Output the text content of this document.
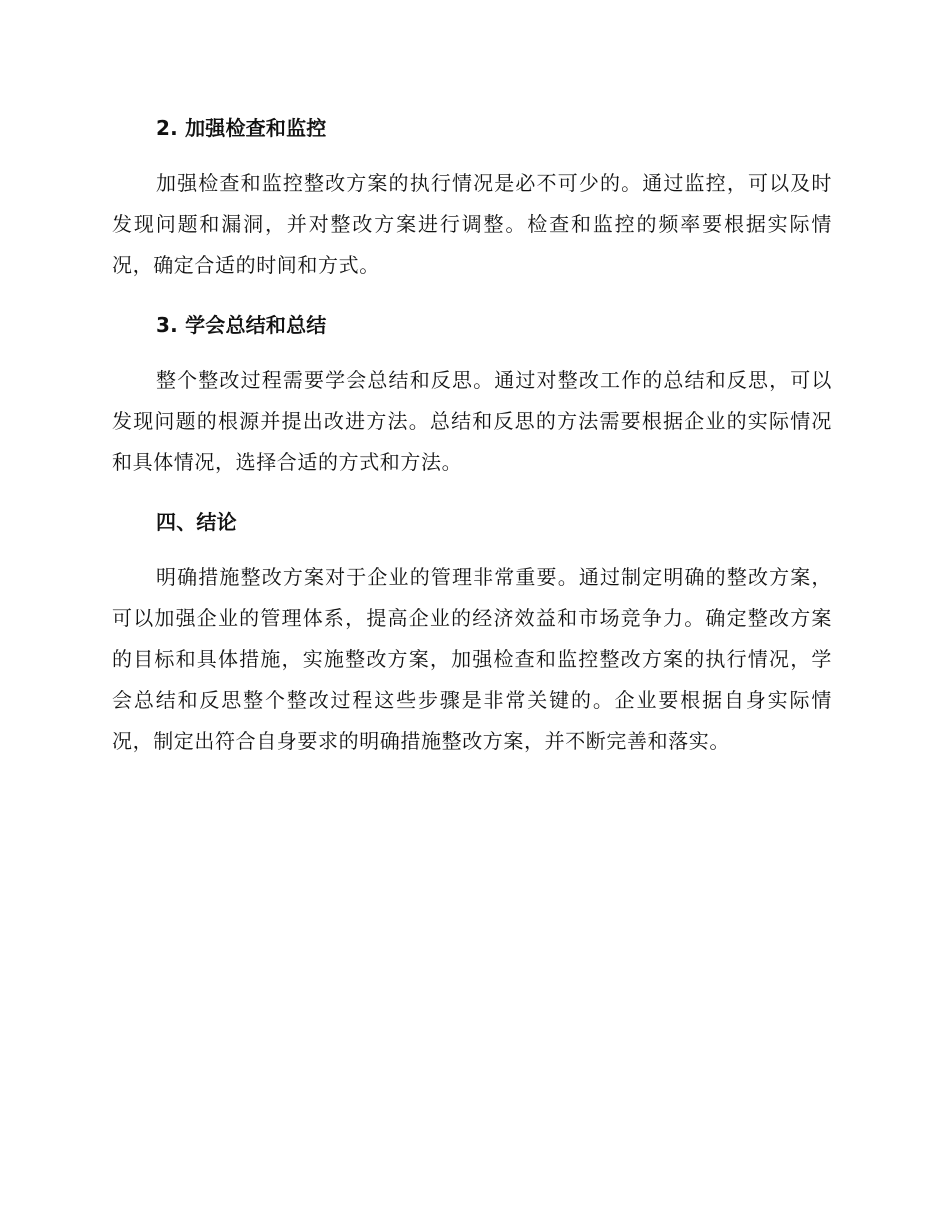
2. 加强检查和监控

加强检查和监控整改方案的执行情况是必不可少的。通过监控，可以及时发现问题和漏洞，并对整改方案进行调整。检查和监控的频率要根据实际情况，确定合适的时间和方式。

3. 学会总结和总结

整个整改过程需要学会总结和反思。通过对整改工作的总结和反思，可以发现问题的根源并提出改进方法。总结和反思的方法需要根据企业的实际情况和具体情况，选择合适的方式和方法。

四、结论

明确措施整改方案对于企业的管理非常重要。通过制定明确的整改方案，可以加强企业的管理体系，提高企业的经济效益和市场竞争力。确定整改方案的目标和具体措施，实施整改方案，加强检查和监控整改方案的执行情况，学会总结和反思整个整改过程这些步骤是非常关键的。企业要根据自身实际情况，制定出符合自身要求的明确措施整改方案，并不断完善和落实。
